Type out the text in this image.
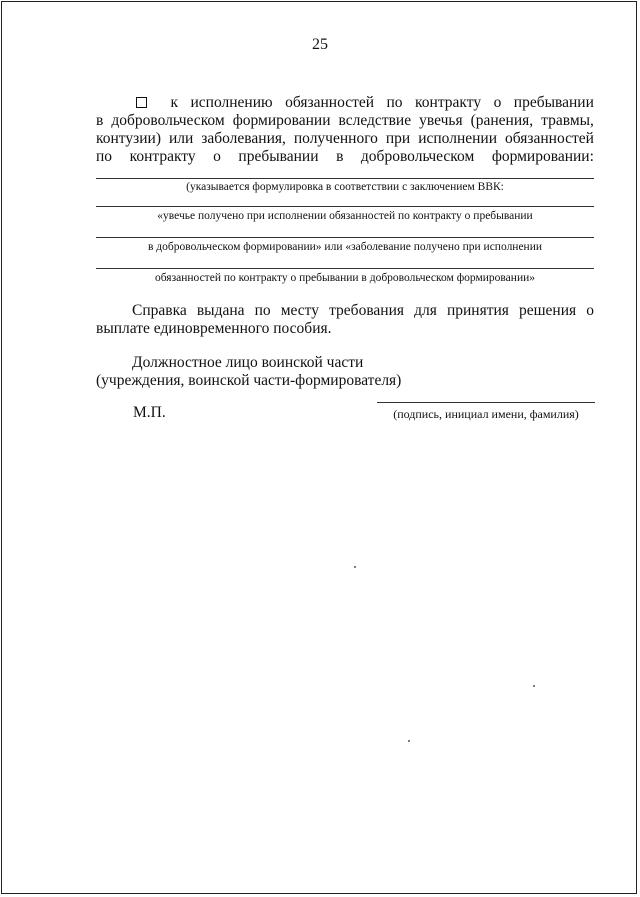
25
к исполнению обязанностей по контракту о пребывании
в добровольческом формировании вследствие увечья (ранения, травмы,
контузии) или заболевания, полученного при исполнении обязанностей
по контракту о пребывании в добровольческом формировании:
(указывается формулировка в соответствии с заключением ВВК:
«увечье получено при исполнении обязанностей по контракту о пребывании
в добровольческом формировании» или «заболевание получено при исполнении
обязанностей по контракту о пребывании в добровольческом формировании»
Справка выдана по месту требования для принятия решения о выплате единовременного пособия.
Должностное лицо воинской части
(учреждения, воинской части-формирователя)
М.П.	(подпись, инициал имени, фамилия)
